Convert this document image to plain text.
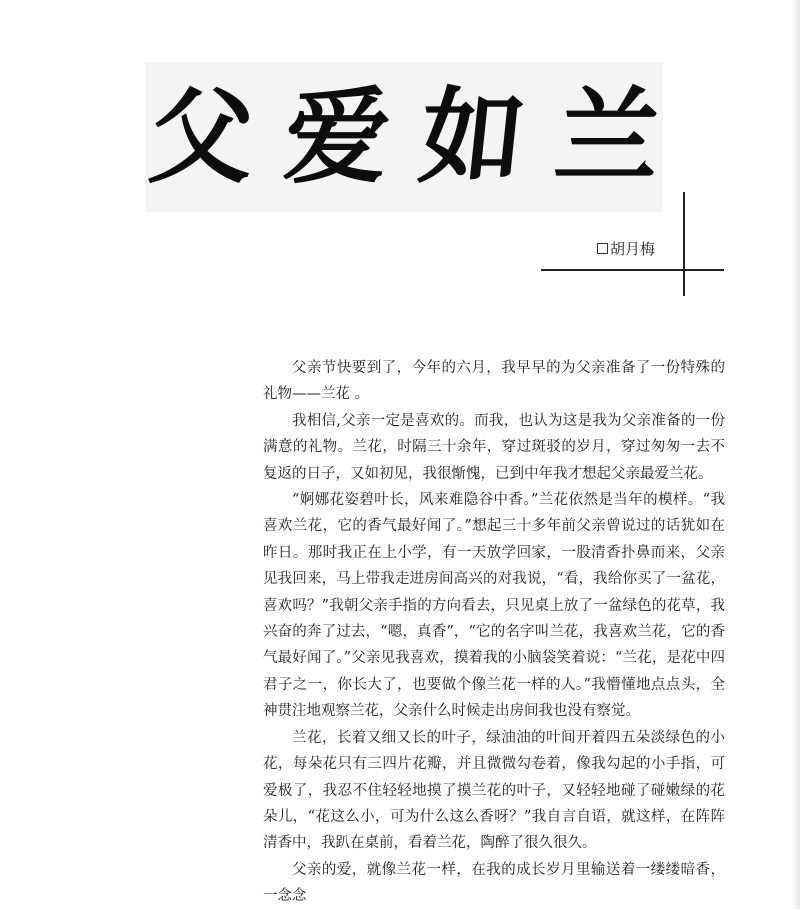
父 爱 如 兰
胡月梅

父亲节快要到了，今年的六月，我早早的为父亲准备了一份特殊的礼物——兰花 。

我相信,父亲一定是喜欢的。而我，也认为这是我为父亲准备的一份满意的礼物。兰花，时隔三十余年，穿过斑驳的岁月，穿过匆匆一去不复返的日子，又如初见，我很惭愧，已到中年我才想起父亲最爱兰花。

“婀娜花姿碧叶长，风来难隐谷中香。”兰花依然是当年的模样。“我喜欢兰花，它的香气最好闻了。”想起三十多年前父亲曾说过的话犹如在昨日。那时我正在上小学，有一天放学回家，一股清香扑鼻而来，父亲见我回来，马上带我走进房间高兴的对我说，“看，我给你买了一盆花，喜欢吗？”我朝父亲手指的方向看去，只见桌上放了一盆绿色的花草，我兴奋的奔了过去，“嗯，真香”，“它的名字叫兰花，我喜欢兰花，它的香气最好闻了。”父亲见我喜欢，摸着我的小脑袋笑着说：“兰花，是花中四君子之一，你长大了，也要做个像兰花一样的人。”我懵懂地点点头，全神贯注地观察兰花，父亲什么时候走出房间我也没有察觉。

兰花，长着又细又长的叶子，绿油油的叶间开着四五朵淡绿色的小花，每朵花只有三四片花瓣，并且微微勾卷着，像我勾起的小手指，可爱极了，我忍不住轻轻地摸了摸兰花的叶子，又轻轻地碰了碰嫩绿的花朵儿，“花这么小，可为什么这么香呀？”我自言自语，就这样，在阵阵清香中，我趴在桌前，看着兰花，陶醉了很久很久。

父亲的爱，就像兰花一样，在我的成长岁月里输送着一缕缕暗香，一念念
